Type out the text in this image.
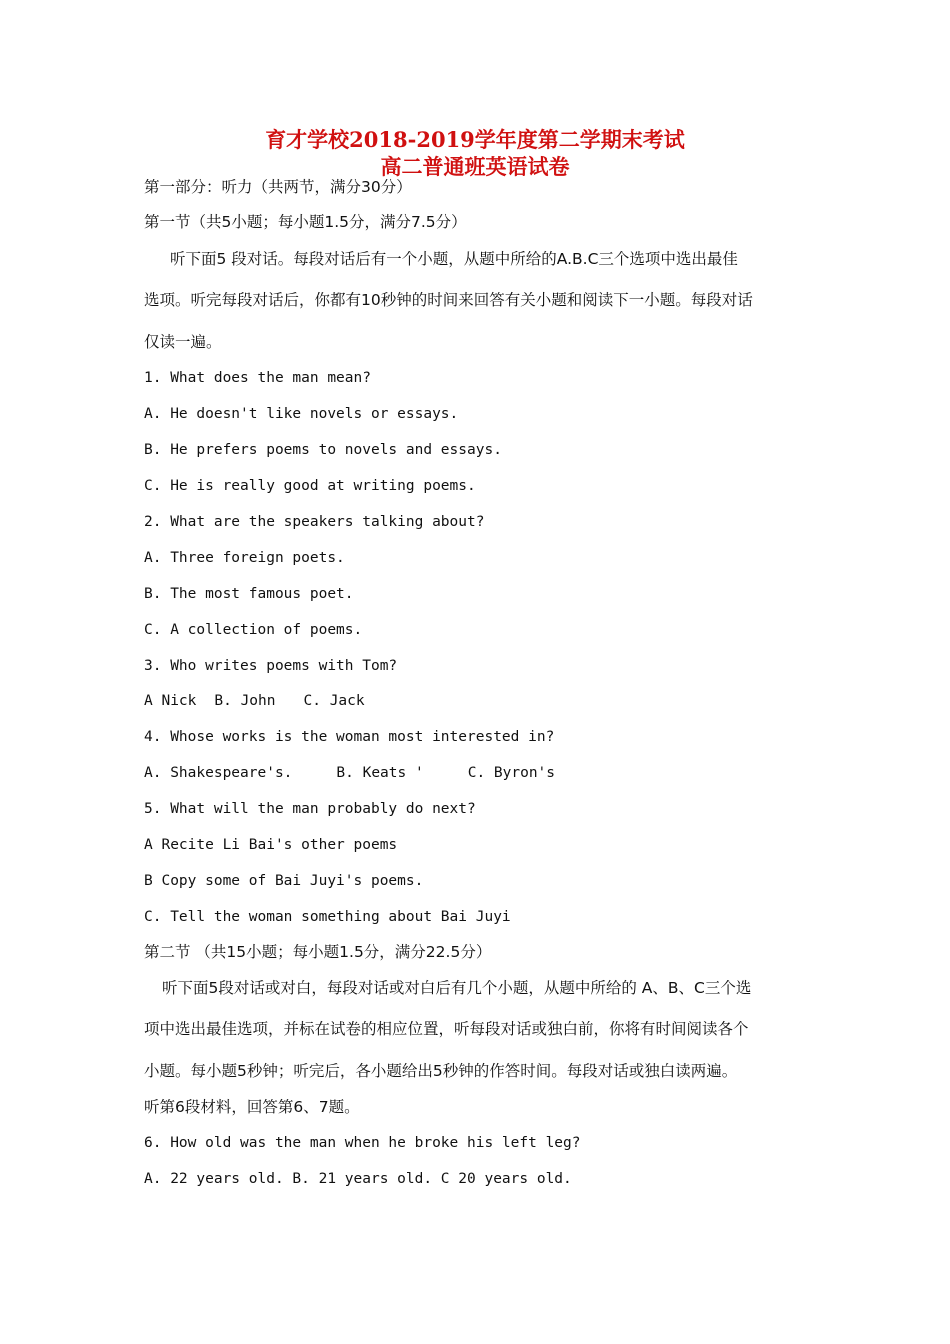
育才学校2018-2019学年度第二学期末考试
高二普通班英语试卷
第一部分：听力（共两节，满分30分）
第一节（共5小题；每小题1.5分，满分7.5分）
听下面5 段对话。每段对话后有一个小题，从题中所给的A.B.C三个选项中选出最佳
选项。听完每段对话后，你都有10秒钟的时间来回答有关小题和阅读下一小题。每段对话
仅读一遍。
1. What does the man mean?
A. He doesn't like novels or essays.
B. He prefers poems to novels and essays.
C. He is really good at writing poems.
2. What are the speakers talking about?
A. Three foreign poets.
B. The most famous poet.
C. A collection of poems.
3. Who writes poems with Tom?
A Nick B. John C. Jack
4. Whose works is the woman most interested in?
A. Shakespeare's.	B. Keats '	C. Byron's
5. What will the man probably do next?
A Recite Li Bai's other poems
B Copy some of Bai Juyi's poems.
C. Tell the woman something about Bai Juyi
第二节 （共15小题；每小题1.5分，满分22.5分）
听下面5段对话或对白，每段对话或对白后有几个小题，从题中所给的 A、B、C三个选
项中选出最佳选项，并标在试卷的相应位置，听每段对话或独白前，你将有时间阅读各个
小题。每小题5秒钟；听完后，各小题给出5秒钟的作答时间。每段对话或独白读两遍。
听第6段材料，回答第6、7题。
6. How old was the man when he broke his left leg?
A. 22 years old. B. 21 years old. C 20 years old.
